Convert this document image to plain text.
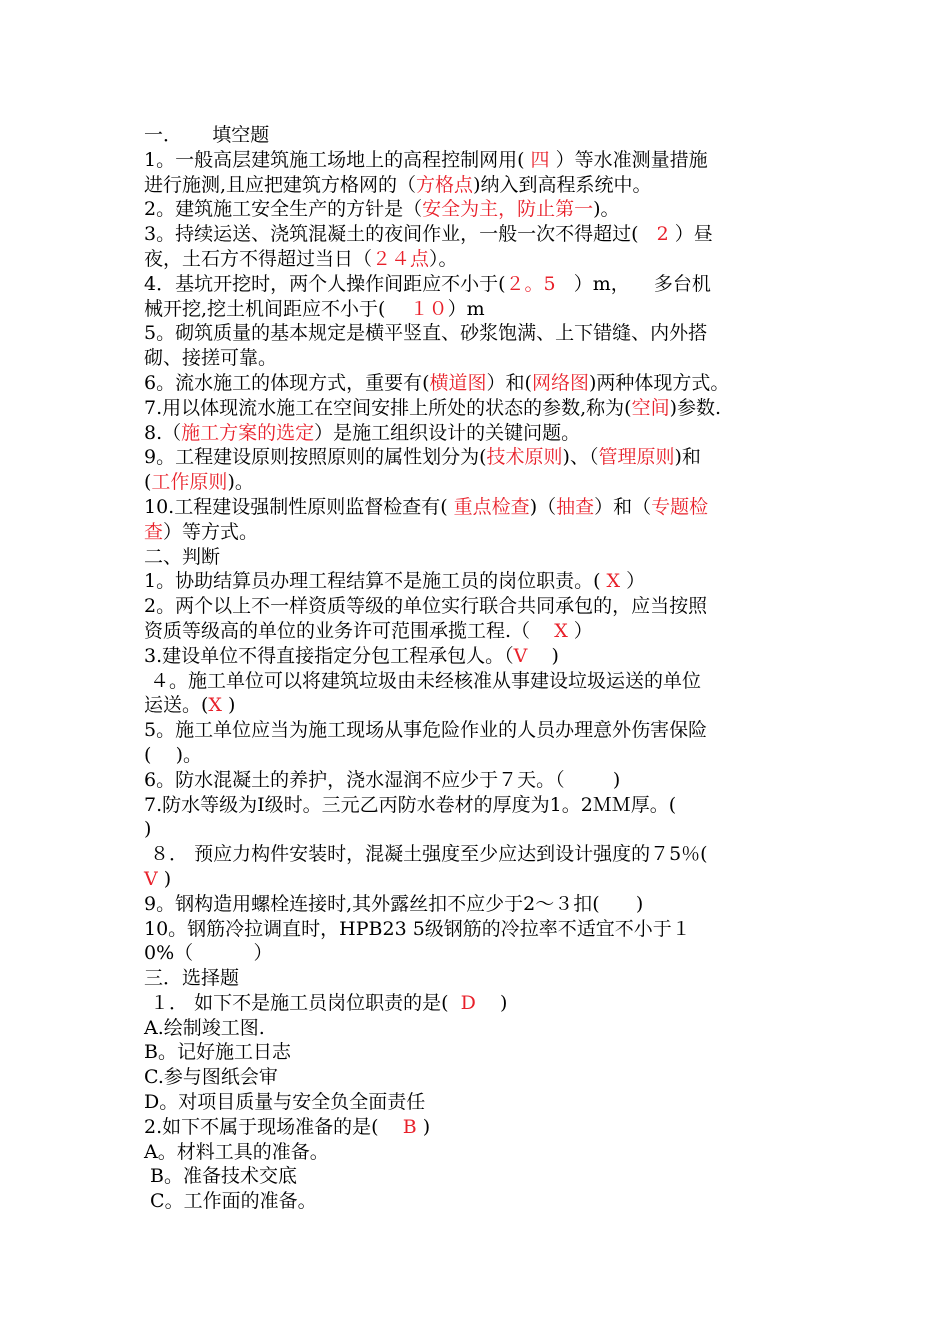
一．     填空题
1。一般高层建筑施工场地上的高程控制网用( 四 ）等水准测量措施
进行施测,且应把建筑方格网的（方格点)纳入到高程系统中。
2。建筑施工安全生产的方针是（安全为主，防止第一)。
3。持续运送、浇筑混凝土的夜间作业，一般一次不得超过(   2 ）昼
夜，土石方不得超过当日（２４点）。
4．基坑开挖时，两个人操作间距应不小于(２。5   ）m，    多台机
械开挖,挖土机间距应不小于(    １０）m
5。砌筑质量的基本规定是横平竖直、砂浆饱满、上下错缝、内外搭
砌、接搓可靠。
6。流水施工的体现方式，重要有(横道图）和(网络图)两种体现方式。
7.用以体现流水施工在空间安排上所处的状态的参数,称为(空间)参数.
8.（施工方案的选定）是施工组织设计的关键问题。
9。工程建设原则按照原则的属性划分为(技术原则)、（管理原则)和
(工作原则)。
10.工程建设强制性原则监督检查有( 重点检查)（抽查）和（专题检
查）等方式。
二、判断
1。协助结算员办理工程结算不是施工员的岗位职责。( X ）
2。两个以上不一样资质等级的单位实行联合共同承包的，应当按照
资质等级高的单位的业务许可范围承揽工程.（    X ）
3.建设单位不得直接指定分包工程承包人。（V    )
４。施工单位可以将建筑垃圾由未经核准从事建设垃圾运送的单位
运送。(X )
5。施工单位应当为施工现场从事危险作业的人员办理意外伤害保险
(    )。
6。防水混凝土的养护，浇水湿润不应少于７天。（        )
7.防水等级为Ⅰ级时。三元乙丙防水卷材的厚度为1。2ＭＭ厚。(
)
８． 预应力构件安装时，混凝土强度至少应达到设计强度的７5％(
V )
9。钢构造用螺栓连接时,其外露丝扣不应少于2～３扣(      )
10。钢筋冷拉调直时，HPB23 5级钢筋的冷拉率不适宜不小于１
0%（          ）
三．选择题
１． 如下不是施工员岗位职责的是(  D    )
A.绘制竣工图.
B。记好施工日志
C.参与图纸会审
D。对项目质量与安全负全面责任
2.如下不属于现场准备的是(    B )
A。材料工具的准备。
B。准备技术交底
C。工作面的准备。
